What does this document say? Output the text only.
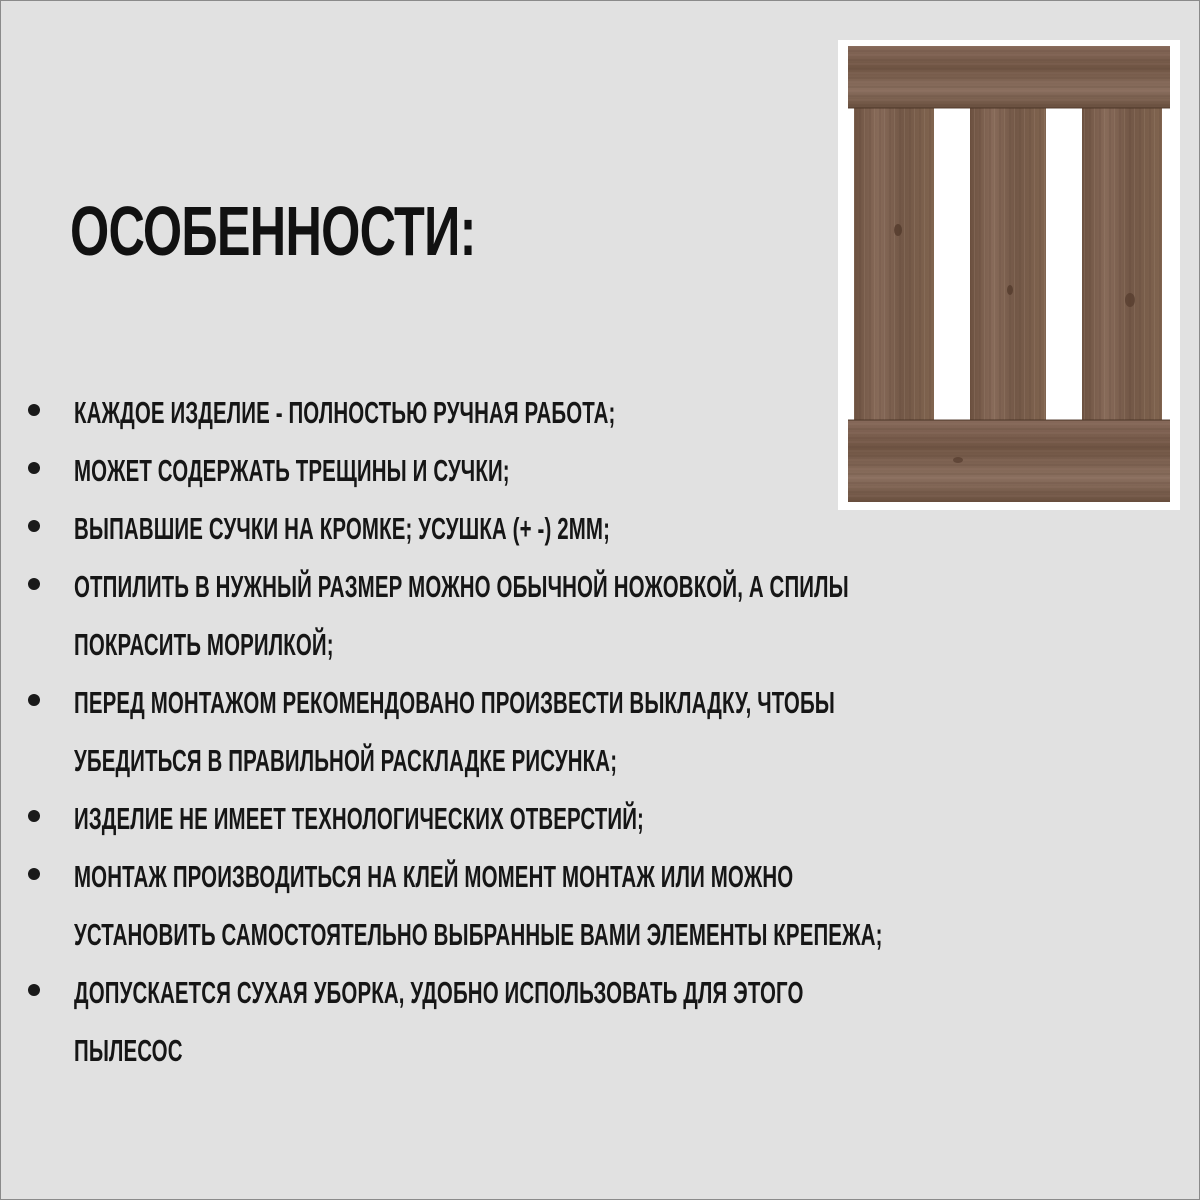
ОСОБЕННОСТИ:
КАЖДОЕ ИЗДЕЛИЕ - ПОЛНОСТЬЮ РУЧНАЯ РАБОТА;
МОЖЕТ СОДЕРЖАТЬ ТРЕЩИНЫ И СУЧКИ;
ВЫПАВШИЕ СУЧКИ НА КРОМКЕ; УСУШКА (+ -) 2ММ;
ОТПИЛИТЬ В НУЖНЫЙ РАЗМЕР МОЖНО ОБЫЧНОЙ НОЖОВКОЙ, А СПИЛЫ
ПОКРАСИТЬ МОРИЛКОЙ;
ПЕРЕД МОНТАЖОМ РЕКОМЕНДОВАНО ПРОИЗВЕСТИ ВЫКЛАДКУ, ЧТОБЫ
УБЕДИТЬСЯ В ПРАВИЛЬНОЙ РАСКЛАДКЕ РИСУНКА;
ИЗДЕЛИЕ НЕ ИМЕЕТ ТЕХНОЛОГИЧЕСКИХ ОТВЕРСТИЙ;
МОНТАЖ ПРОИЗВОДИТЬСЯ НА КЛЕЙ МОМЕНТ МОНТАЖ ИЛИ МОЖНО
УСТАНОВИТЬ САМОСТОЯТЕЛЬНО ВЫБРАННЫЕ ВАМИ ЭЛЕМЕНТЫ КРЕПЕЖА;
ДОПУСКАЕТСЯ СУХАЯ УБОРКА, УДОБНО ИСПОЛЬЗОВАТЬ ДЛЯ ЭТОГО
ПЫЛЕСОС
